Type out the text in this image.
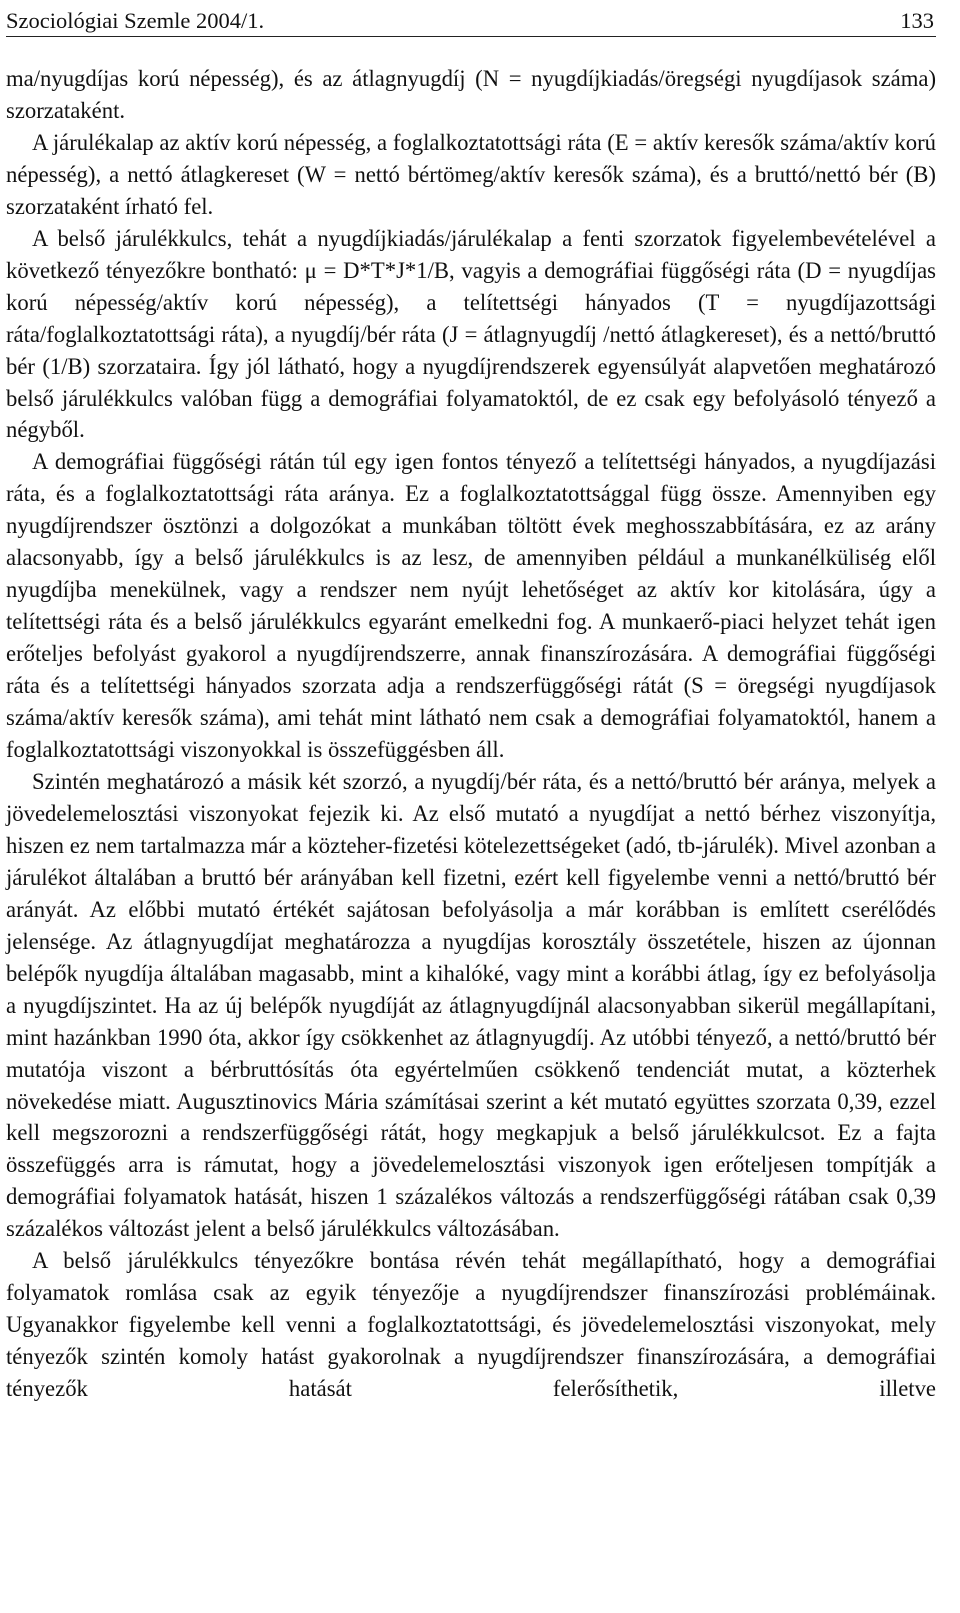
Szociológiai Szemle 2004/1.	133

ma/nyugdíjas korú népesség), és az átlagnyugdíj (N = nyugdíjkiadás/öregségi nyugdíjasok száma) szorzataként.

A járulékalap az aktív korú népesség, a foglalkoztatottsági ráta (E = aktív keresők száma/aktív korú népesség), a nettó átlagkereset (W = nettó bértömeg/aktív keresők száma), és a bruttó/nettó bér (B) szorzataként írható fel.

A belső járulékkulcs, tehát a nyugdíjkiadás/járulékalap a fenti szorzatok figyelembevételével a következő tényezőkre bontható: μ = D*T*J*1/B, vagyis a demográfiai függőségi ráta (D = nyugdíjas korú népesség/aktív korú népesség), a telítettségi hányados (T = nyugdíjazottsági ráta/foglalkoztatottsági ráta), a nyugdíj/bér ráta (J = átlagnyugdíj /nettó átlagkereset), és a nettó/bruttó bér (1/B) szorzataira. Így jól látható, hogy a nyugdíjrendszerek egyensúlyát alapvetően meghatározó belső járulékkulcs valóban függ a demográfiai folyamatoktól, de ez csak egy befolyásoló tényező a négyből.

A demográfiai függőségi rátán túl egy igen fontos tényező a telítettségi hányados, a nyugdíjazási ráta, és a foglalkoztatottsági ráta aránya. Ez a foglalkoztatottsággal függ össze. Amennyiben egy nyugdíjrendszer ösztönzi a dolgozókat a munkában töltött évek meghosszabbítására, ez az arány alacsonyabb, így a belső járulékkulcs is az lesz, de amennyiben például a munkanélküliség elől nyugdíjba menekülnek, vagy a rendszer nem nyújt lehetőséget az aktív kor kitolására, úgy a telítettségi ráta és a belső járulékkulcs egyaránt emelkedni fog. A munkaerő-piaci helyzet tehát igen erőteljes befolyást gyakorol a nyugdíjrendszerre, annak finanszírozására. A demográfiai függőségi ráta és a telítettségi hányados szorzata adja a rendszerfüggőségi rátát (S = öregségi nyugdíjasok száma/aktív keresők száma), ami tehát mint látható nem csak a demográfiai folyamatoktól, hanem a foglalkoztatottsági viszonyokkal is összefüggésben áll.

Szintén meghatározó a másik két szorzó, a nyugdíj/bér ráta, és a nettó/bruttó bér aránya, melyek a jövedelemelosztási viszonyokat fejezik ki. Az első mutató a nyugdíjat a nettó bérhez viszonyítja, hiszen ez nem tartalmazza már a közteher-fizetési kötelezettségeket (adó, tb-járulék). Mivel azonban a járulékot általában a bruttó bér arányában kell fizetni, ezért kell figyelembe venni a nettó/bruttó bér arányát. Az előbbi mutató értékét sajátosan befolyásolja a már korábban is említett cserélődés jelensége. Az átlagnyugdíjat meghatározza a nyugdíjas korosztály összetétele, hiszen az újonnan belépők nyugdíja általában magasabb, mint a kihalóké, vagy mint a korábbi átlag, így ez befolyásolja a nyugdíjszintet. Ha az új belépők nyugdíját az átlagnyugdíjnál alacsonyabban sikerül megállapítani, mint hazánkban 1990 óta, akkor így csökkenhet az átlagnyugdíj. Az utóbbi tényező, a nettó/bruttó bér mutatója viszont a bérbruttósítás óta egyértelműen csökkenő tendenciát mutat, a közterhek növekedése miatt. Augusztinovics Mária számításai szerint a két mutató együttes szorzata 0,39, ezzel kell megszorozni a rendszerfüggőségi rátát, hogy megkapjuk a belső járulékkulcsot. Ez a fajta összefüggés arra is rámutat, hogy a jövedelemelosztási viszonyok igen erőteljesen tompítják a demográfiai folyamatok hatását, hiszen 1 százalékos változás a rendszerfüggőségi rátában csak 0,39 százalékos változást jelent a belső járulékkulcs változásában.

A belső járulékkulcs tényezőkre bontása révén tehát megállapítható, hogy a demográfiai folyamatok romlása csak az egyik tényezője a nyugdíjrendszer finanszírozási problémáinak. Ugyanakkor figyelembe kell venni a foglalkoztatottsági, és jövedelemelosztási viszonyokat, mely tényezők szintén komoly hatást gyakorolnak a nyugdíjrendszer finanszírozására, a demográfiai tényezők hatását felerősíthetik, illetve
